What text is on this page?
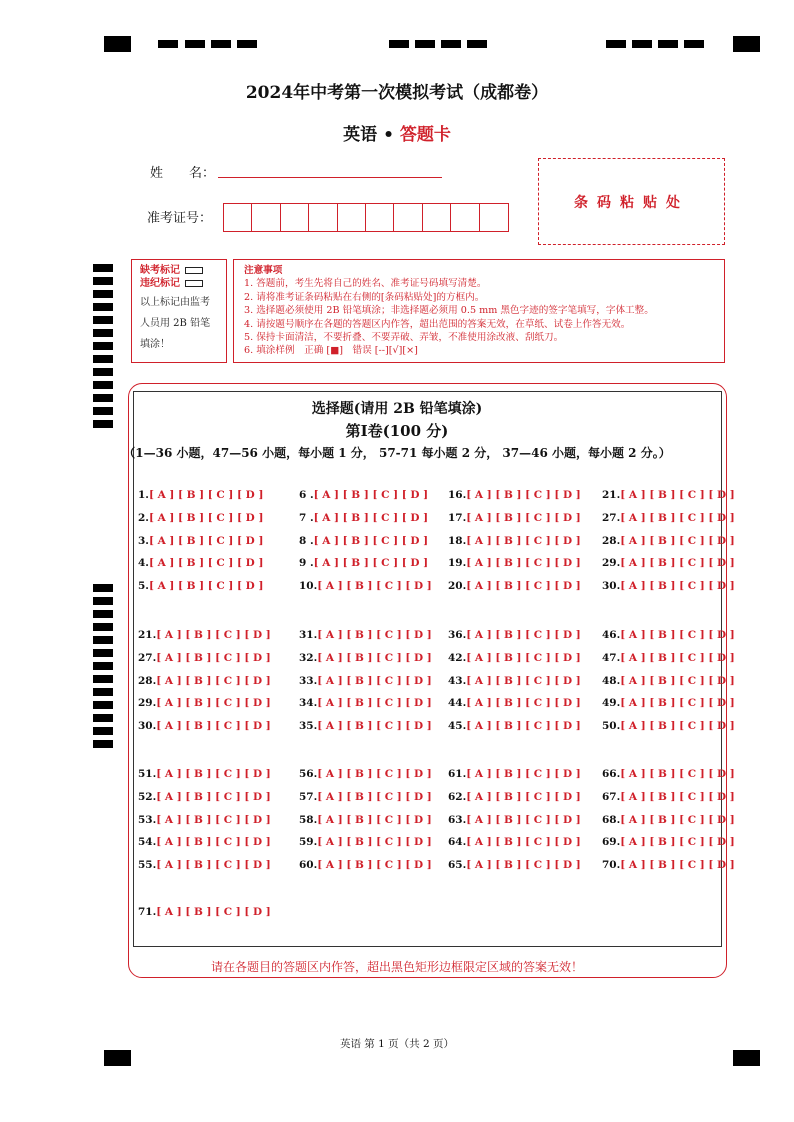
2024年中考第一次模拟考试（成都卷）
英语 • 答题卡
姓　　名：
准考证号：
条码粘贴处
缺考标记
违纪标记
以上标记由监考
人员用 2B 铅笔
填涂！
注意事项
1. 答题前，考生先将自己的姓名、准考证号码填写清楚。
2. 请将准考证条码粘贴在右侧的[条码粘贴处]的方框内。
3. 选择题必须使用 2B 铅笔填涂；非选择题必须用 0.5 mm 黑色字迹的签字笔填写，字体工整。
4. 请按题号顺序在各题的答题区内作答，超出范围的答案无效，在草纸、试卷上作答无效。
5. 保持卡面清洁，不要折叠、不要弄破、弄皱，不准使用涂改液、刮纸刀。
6. 填涂样例　正确 [■]　错误 [--][√][×]
选择题(请用 2B 铅笔填涂)
第Ⅰ卷(100 分)
（1—36 小题，47—56 小题，每小题 1 分， 57-71 每小题 2 分， 37—46 小题，每小题 2 分。）
1.[ A ] [ B ] [ C ] [ D ]
2.[ A ] [ B ] [ C ] [ D ]
3.[ A ] [ B ] [ C ] [ D ]
4.[ A ] [ B ] [ C ] [ D ]
5.[ A ] [ B ] [ C ] [ D ]
6 .[ A ] [ B ] [ C ] [ D ]
7 .[ A ] [ B ] [ C ] [ D ]
8 .[ A ] [ B ] [ C ] [ D ]
9 .[ A ] [ B ] [ C ] [ D ]
10.[ A ] [ B ] [ C ] [ D ]
16.[ A ] [ B ] [ C ] [ D ]
17.[ A ] [ B ] [ C ] [ D ]
18.[ A ] [ B ] [ C ] [ D ]
19.[ A ] [ B ] [ C ] [ D ]
20.[ A ] [ B ] [ C ] [ D ]
21.[ A ] [ B ] [ C ] [ D ]
27.[ A ] [ B ] [ C ] [ D ]
28.[ A ] [ B ] [ C ] [ D ]
29.[ A ] [ B ] [ C ] [ D ]
30.[ A ] [ B ] [ C ] [ D ]
21.[ A ] [ B ] [ C ] [ D ]
27.[ A ] [ B ] [ C ] [ D ]
28.[ A ] [ B ] [ C ] [ D ]
29.[ A ] [ B ] [ C ] [ D ]
30.[ A ] [ B ] [ C ] [ D ]
31.[ A ] [ B ] [ C ] [ D ]
32.[ A ] [ B ] [ C ] [ D ]
33.[ A ] [ B ] [ C ] [ D ]
34.[ A ] [ B ] [ C ] [ D ]
35.[ A ] [ B ] [ C ] [ D ]
36.[ A ] [ B ] [ C ] [ D ]
42.[ A ] [ B ] [ C ] [ D ]
43.[ A ] [ B ] [ C ] [ D ]
44.[ A ] [ B ] [ C ] [ D ]
45.[ A ] [ B ] [ C ] [ D ]
46.[ A ] [ B ] [ C ] [ D ]
47.[ A ] [ B ] [ C ] [ D ]
48.[ A ] [ B ] [ C ] [ D ]
49.[ A ] [ B ] [ C ] [ D ]
50.[ A ] [ B ] [ C ] [ D ]
51.[ A ] [ B ] [ C ] [ D ]
52.[ A ] [ B ] [ C ] [ D ]
53.[ A ] [ B ] [ C ] [ D ]
54.[ A ] [ B ] [ C ] [ D ]
55.[ A ] [ B ] [ C ] [ D ]
56.[ A ] [ B ] [ C ] [ D ]
57.[ A ] [ B ] [ C ] [ D ]
58.[ A ] [ B ] [ C ] [ D ]
59.[ A ] [ B ] [ C ] [ D ]
60.[ A ] [ B ] [ C ] [ D ]
61.[ A ] [ B ] [ C ] [ D ]
62.[ A ] [ B ] [ C ] [ D ]
63.[ A ] [ B ] [ C ] [ D ]
64.[ A ] [ B ] [ C ] [ D ]
65.[ A ] [ B ] [ C ] [ D ]
66.[ A ] [ B ] [ C ] [ D ]
67.[ A ] [ B ] [ C ] [ D ]
68.[ A ] [ B ] [ C ] [ D ]
69.[ A ] [ B ] [ C ] [ D ]
70.[ A ] [ B ] [ C ] [ D ]
71.[ A ] [ B ] [ C ] [ D ]
请在各题目的答题区内作答，超出黑色矩形边框限定区域的答案无效！
英语 第 1 页（共 2 页）
